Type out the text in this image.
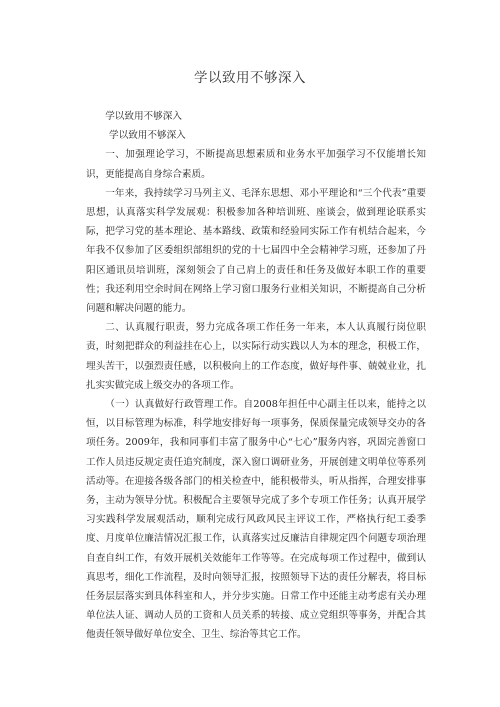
学以致用不够深入

学以致用不够深入

学以致用不够深入

一、加强理论学习，不断提高思想素质和业务水平加强学习不仅能增长知识，更能提高自身综合素质。

一年来，我持续学习马列主义、毛泽东思想、邓小平理论和“三个代表”重要思想，认真落实科学发展观：积极参加各种培训班、座谈会，做到理论联系实际，把学习党的基本理论、基本路线、政策和经验同实际工作有机结合起来，今年我不仅参加了区委组织部组织的党的十七届四中全会精神学习班，还参加了丹阳区通讯员培训班，深刻领会了自己肩上的责任和任务及做好本职工作的重要性；我还利用空余时间在网络上学习窗口服务行业相关知识，不断提高自己分析问题和解决问题的能力。

二、认真履行职责，努力完成各项工作任务一年来，本人认真履行岗位职责，时刻把群众的利益挂在心上，以实际行动实践以人为本的理念，积极工作，埋头苦干，以强烈责任感，以积极向上的工作态度，做好每件事、兢兢业业，扎扎实实做完成上级交办的各项工作。

（一）认真做好行政管理工作。自2008年担任中心副主任以来，能持之以恒，以目标管理为标准，科学地安排好每一项事务，保质保量完成领导交办的各项任务。2009年，我和同事们丰富了服务中心“七心”服务内容，巩固完善窗口工作人员违反规定责任追究制度，深入窗口调研业务，开展创建文明单位等系列活动等。在迎接各级各部门的相关检查中，能积极带头，听从指挥，合理安排事务，主动为领导分忧。积极配合主要领导完成了多个专项工作任务；认真开展学习实践科学发展观活动，顺利完成行风政风民主评议工作，严格执行纪工委季度、月度单位廉洁情况汇报工作，认真落实过反廉洁自律规定四个问题专项治理自查自纠工作，有效开展机关效能年工作等等。在完成每项工作过程中，做到认真思考，细化工作流程，及时向领导汇报，按照领导下达的责任分解表，将目标任务层层落实到具体科室和人，并分步实施。日常工作中还能主动考虑有关办理单位法人证、调动人员的工资和人员关系的转接、成立党组织等事务，并配合其他责任领导做好单位安全、卫生、综治等其它工作。
